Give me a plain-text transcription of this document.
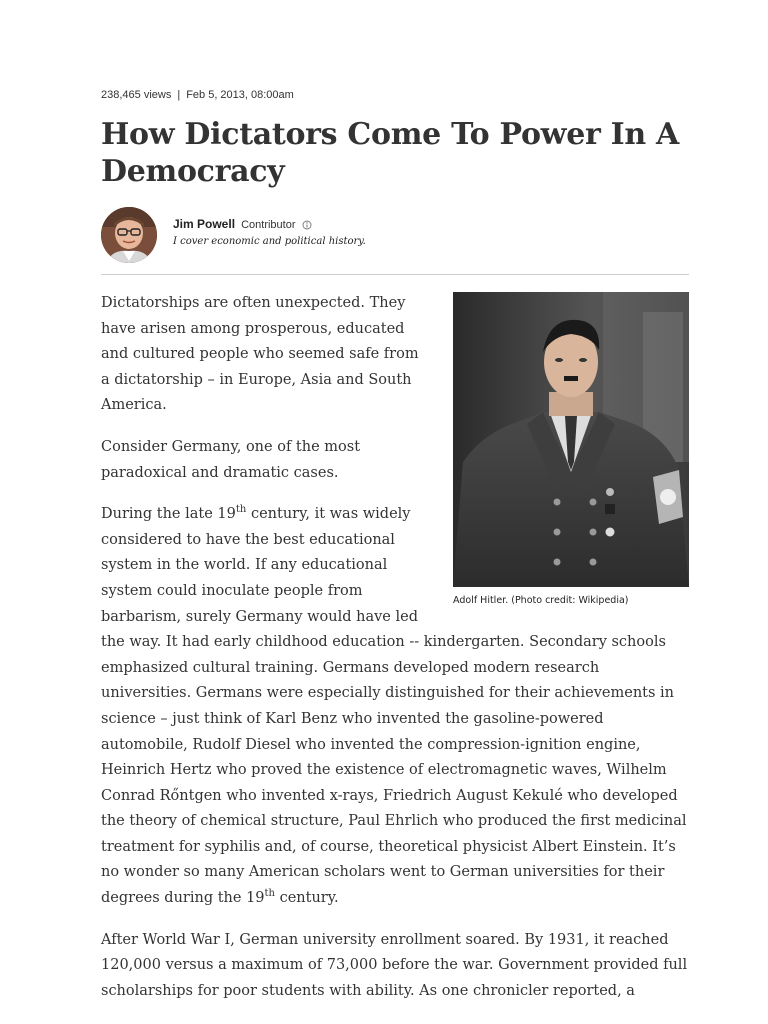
238,465 views | Feb 5, 2013, 08:00am
How Dictators Come To Power In A Democracy
Jim Powell Contributor
I cover economic and political history.
Adolf Hitler. (Photo credit: Wikipedia)

Dictatorships are often unexpected. They have arisen among prosperous, educated and cultured people who seemed safe from a dictatorship – in Europe, Asia and South America.

Consider Germany, one of the most paradoxical and dramatic cases.

During the late 19th century, it was widely considered to have the best educational system in the world. If any educational system could inoculate people from barbarism, surely Germany would have led the way. It had early childhood education -- kindergarten. Secondary schools emphasized cultural training. Germans developed modern research universities. Germans were especially distinguished for their achievements in science – just think of Karl Benz who invented the gasoline-powered automobile, Rudolf Diesel who invented the compression-ignition engine, Heinrich Hertz who proved the existence of electromagnetic waves, Wilhelm Conrad Rőntgen who invented x-rays, Friedrich August Kekulé who developed the theory of chemical structure, Paul Ehrlich who produced the first medicinal treatment for syphilis and, of course, theoretical physicist Albert Einstein. It’s no wonder so many American scholars went to German universities for their degrees during the 19th century.

After World War I, German university enrollment soared. By 1931, it reached 120,000 versus a maximum of 73,000 before the war. Government provided full scholarships for poor students with ability. As one chronicler reported, a
